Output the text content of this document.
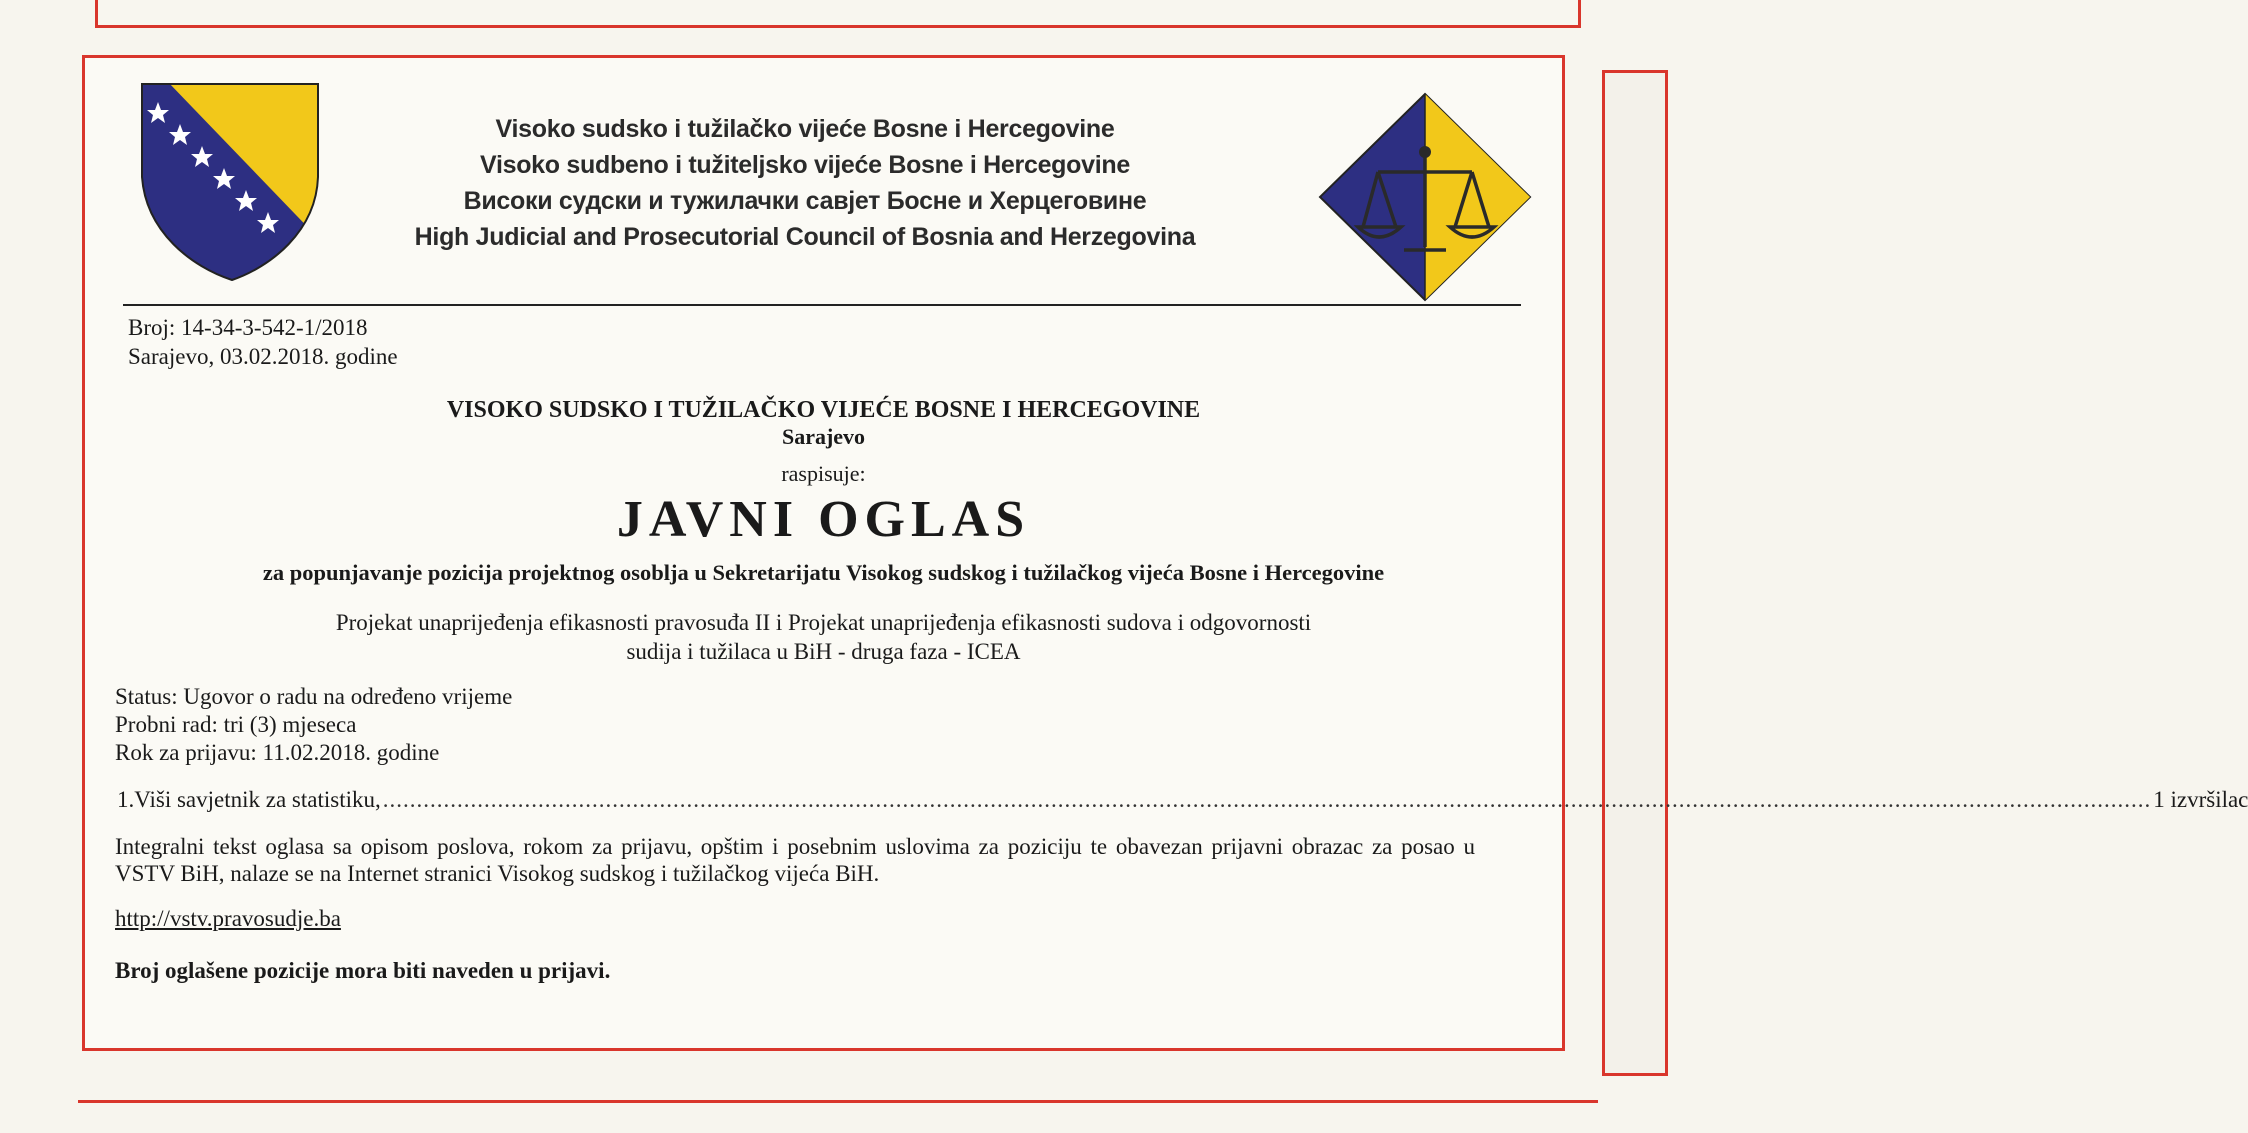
Visoko sudsko i tužilačko vijeće Bosne i Hercegovine
Visoko sudbeno i tužiteljsko vijeće Bosne i Hercegovine
Високи судски и тужилачки савјет Босне и Херцеговине
High Judicial and Prosecutorial Council of Bosnia and Herzegovina
Broj: 14-34-3-542-1/2018
Sarajevo, 03.02.2018. godine
VISOKO SUDSKO I TUŽILAČKO VIJEĆE BOSNE I HERCEGOVINE
Sarajevo
raspisuje:
JAVNI OGLAS
za popunjavanje pozicija projektnog osoblja u Sekretarijatu Visokog sudskog i tužilačkog vijeća Bosne i Hercegovine
Projekat unaprijeđenja efikasnosti pravosuđa II i Projekat unaprijeđenja efikasnosti sudova i odgovornosti
sudija i tužilaca u BiH - druga faza - ICEA
Status: Ugovor o radu na određeno vrijeme
Probni rad: tri (3) mjeseca
Rok za prijavu: 11.02.2018. godine
1. Viši savjetnik za statistiku, ...................................................................................................................................................................................................................................................................... 1 izvršilac
Integralni tekst oglasa sa opisom poslova, rokom za prijavu, opštim i posebnim uslovima za poziciju te obavezan prijavni obrazac za posao u VSTV BiH, nalaze se na Internet stranici Visokog sudskog i tužilačkog vijeća BiH.
http://vstv.pravosudje.ba
Broj oglašene pozicije mora biti naveden u prijavi.
